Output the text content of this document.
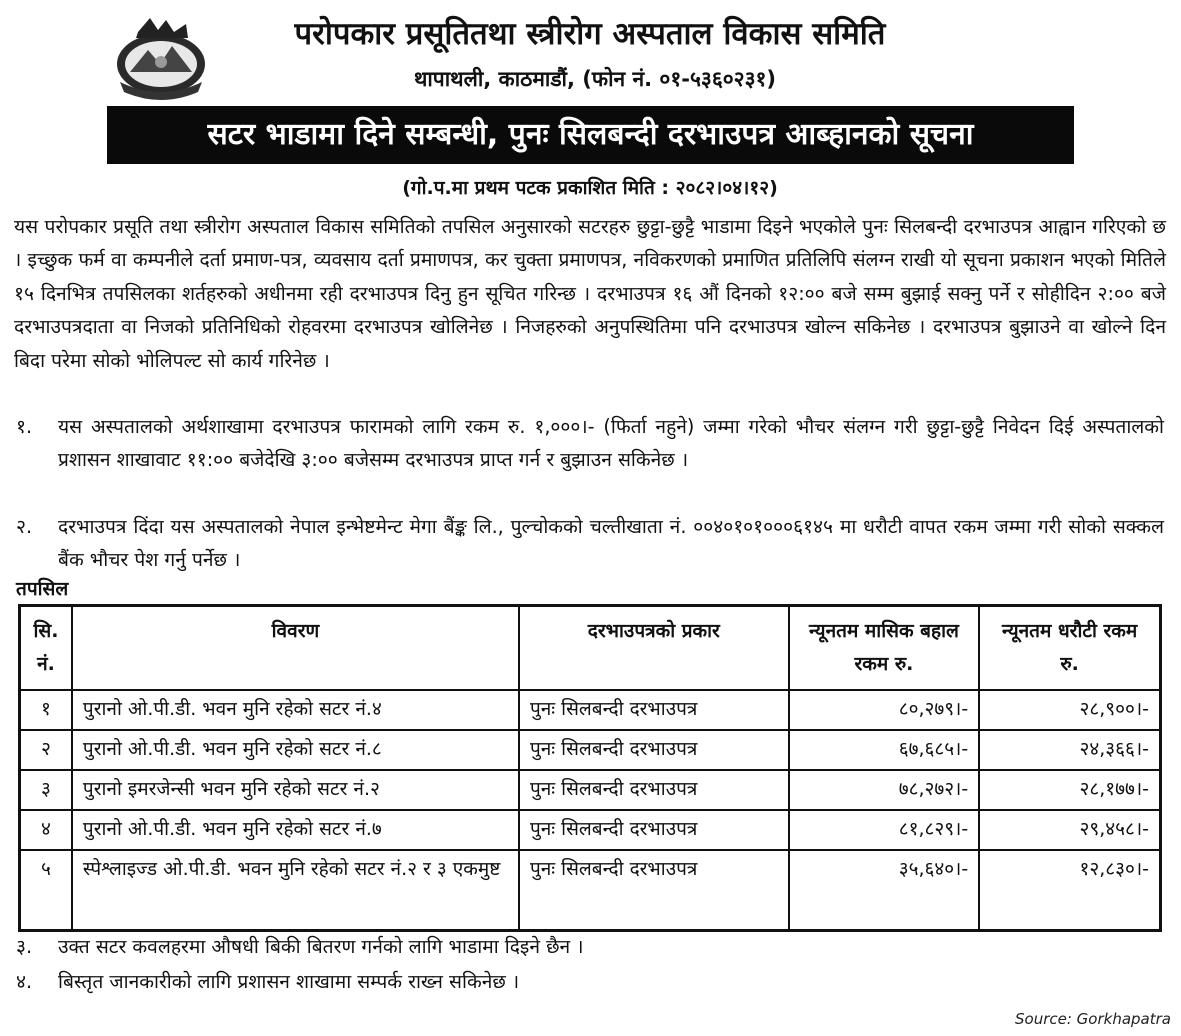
परोपकार प्रसूतितथा स्त्रीरोग अस्पताल विकास समिति
थापाथली, काठमाडौं, (फोन नं. ०१-५३६०२३१)
सटर भाडामा दिने सम्बन्धी, पुनः सिलबन्दी दरभाउपत्र आब्हानको सूचना
(गो.प.मा प्रथम पटक प्रकाशित मिति : २०८२।०४।१२)

यस परोपकार प्रसूति तथा स्त्रीरोग अस्पताल विकास समितिको तपसिल अनुसारको सटरहरु छुट्टा-छुट्टै भाडामा दिइने भएकोले पुनः सिलबन्दी दरभाउपत्र आह्वान गरिएको छ । इच्छुक फर्म वा कम्पनीले दर्ता प्रमाण-पत्र, व्यवसाय दर्ता प्रमाणपत्र, कर चुक्ता प्रमाणपत्र, नविकरणको प्रमाणित प्रतिलिपि संलग्न राखी यो सूचना प्रकाशन भएको मितिले १५ दिनभित्र तपसिलका शर्तहरुको अधीनमा रही दरभाउपत्र दिनु हुन सूचित गरिन्छ । दरभाउपत्र १६ औं दिनको १२:०० बजे सम्म बुझाई सक्नु पर्ने र सोहीदिन २:०० बजे दरभाउपत्रदाता वा निजको प्रतिनिधिको रोहवरमा दरभाउपत्र खोलिनेछ । निजहरुको अनुपस्थितिमा पनि दरभाउपत्र खोल्न सकिनेछ । दरभाउपत्र बुझाउने वा खोल्ने दिन बिदा परेमा सोको भोलिपल्ट सो कार्य गरिनेछ ।

१. यस अस्पतालको अर्थशाखामा दरभाउपत्र फारामको लागि रकम रु. १,०००।- (फिर्ता नहुने) जम्मा गरेको भौचर संलग्न गरी छुट्टा-छुट्टै निवेदन दिई अस्पतालको प्रशासन शाखावाट ११:०० बजेदेखि ३:०० बजेसम्म दरभाउपत्र प्राप्त गर्न र बुझाउन सकिनेछ ।
२. दरभाउपत्र दिंदा यस अस्पतालको नेपाल इन्भेष्टमेन्ट मेगा बैंङ्क लि., पुल्चोकको चल्तीखाता नं. ००४०१०१०००६१४५ मा धरौटी वापत रकम जम्मा गरी सोको सक्कल बैंक भौचर पेश गर्नु पर्नेछ ।
तपसिल
सि. नं.	विवरण	दरभाउपत्रको प्रकार	न्यूनतम मासिक बहाल रकम रु.	न्यूनतम धरौटी रकम रु.
१	पुरानो ओ.पी.डी. भवन मुनि रहेको सटर नं.४	पुनः सिलबन्दी दरभाउपत्र	८०,२७९।-	२८,९००।-
२	पुरानो ओ.पी.डी. भवन मुनि रहेको सटर नं.८	पुनः सिलबन्दी दरभाउपत्र	६७,६८५।-	२४,३६६।-
३	पुरानो इमरजेन्सी भवन मुनि रहेको सटर नं.२	पुनः सिलबन्दी दरभाउपत्र	७८,२७२।-	२८,१७७।-
४	पुरानो ओ.पी.डी. भवन मुनि रहेको सटर नं.७	पुनः सिलबन्दी दरभाउपत्र	८१,८२९।-	२९,४५८।-
५	स्पेश्लाइज्ड ओ.पी.डी. भवन मुनि रहेको सटर नं.२ र ३ एकमुष्ट	पुनः सिलबन्दी दरभाउपत्र	३५,६४०।-	१२,८३०।-
३. उक्त सटर कवलहरमा औषधी बिकी बितरण गर्नको लागि भाडामा दिइने छैन ।
४. बिस्तृत जानकारीको लागि प्रशासन शाखामा सम्पर्क राख्न सकिनेछ ।
Source: Gorkhapatra
